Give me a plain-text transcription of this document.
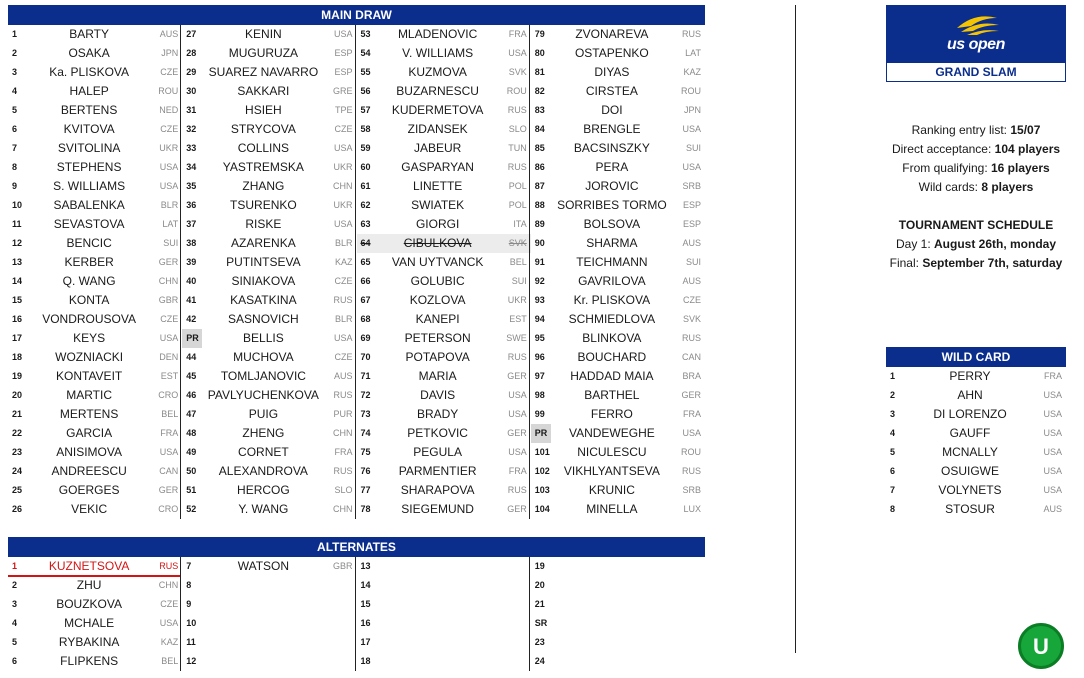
MAIN DRAW
1	BARTY	AUS
2	OSAKA	JPN
3	Ka. PLISKOVA	CZE
4	HALEP	ROU
5	BERTENS	NED
6	KVITOVA	CZE
7	SVITOLINA	UKR
8	STEPHENS	USA
9	S. WILLIAMS	USA
10	SABALENKA	BLR
11	SEVASTOVA	LAT
12	BENCIC	SUI
13	KERBER	GER
14	Q. WANG	CHN
15	KONTA	GBR
16	VONDROUSOVA	CZE
17	KEYS	USA
18	WOZNIACKI	DEN
19	KONTAVEIT	EST
20	MARTIC	CRO
21	MERTENS	BEL
22	GARCIA	FRA
23	ANISIMOVA	USA
24	ANDREESCU	CAN
25	GOERGES	GER
26	VEKIC	CRO
27	KENIN	USA
28	MUGURUZA	ESP
29	SUAREZ NAVARRO	ESP
30	SAKKARI	GRE
31	HSIEH	TPE
32	STRYCOVA	CZE
33	COLLINS	USA
34	YASTREMSKA	UKR
35	ZHANG	CHN
36	TSURENKO	UKR
37	RISKE	USA
38	AZARENKA	BLR
39	PUTINTSEVA	KAZ
40	SINIAKOVA	CZE
41	KASATKINA	RUS
42	SASNOVICH	BLR
PR	BELLIS	USA
44	MUCHOVA	CZE
45	TOMLJANOVIC	AUS
46 PAVLYUCHENKOVA	RUS
47	PUIG	PUR
48	ZHENG	CHN
49	CORNET	FRA
50	ALEXANDROVA	RUS
51	HERCOG	SLO
52	Y. WANG	CHN
53	MLADENOVIC	FRA
54	V. WILLIAMS	USA
55	KUZMOVA	SVK
56	BUZARNESCU	ROU
57	KUDERMETOVA	RUS
58	ZIDANSEK	SLO
59	JABEUR	TUN
60	GASPARYAN	RUS
61	LINETTE	POL
62	SWIATEK	POL
63	GIORGI	ITA
64	CIBULKOVA	SVK
65	VAN UYTVANCK	BEL
66	GOLUBIC	SUI
67	KOZLOVA	UKR
68	KANEPI	EST
69	PETERSON	SWE
70	POTAPOVA	RUS
71	MARIA	GER
72	DAVIS	USA
73	BRADY	USA
74	PETKOVIC	GER
75	PEGULA	USA
76	PARMENTIER	FRA
77	SHARAPOVA	RUS
78	SIEGEMUND	GER
79	ZVONAREVA	RUS
80	OSTAPENKO	LAT
81	DIYAS	KAZ
82	CIRSTEA	ROU
83	DOI	JPN
84	BRENGLE	USA
85	BACSINSZKY	SUI
86	PERA	USA
87	JOROVIC	SRB
88	SORRIBES TORMO	ESP
89	BOLSOVA	ESP
90	SHARMA	AUS
91	TEICHMANN	SUI
92	GAVRILOVA	AUS
93	Kr. PLISKOVA	CZE
94	SCHMIEDLOVA	SVK
95	BLINKOVA	RUS
96	BOUCHARD	CAN
97	HADDAD MAIA	BRA
98	BARTHEL	GER
99	FERRO	FRA
PR	VANDEWEGHE	USA
101	NICULESCU	ROU
102	VIKHLYANTSEVA	RUS
103	KRUNIC	SRB
104	MINELLA	LUX
ALTERNATES
1	KUZNETSOVA	RUS
2	ZHU	CHN
3	BOUZKOVA	CZE
4	MCHALE	USA
5	RYBAKINA	KAZ
6	FLIPKENS	BEL
7	WATSON	GBR
8
9
10
11
12
13
14
15
16
17
18
19
20
21
SR
23
24
us open
GRAND SLAM
Ranking entry list: 15/07
Direct acceptance: 104 players
From qualifying: 16 players
Wild cards: 8 players
TOURNAMENT SCHEDULE
Day 1: August 26th, monday
Final: September 7th, saturday
WILD CARD
1	PERRY	FRA
2	AHN	USA
3	DI LORENZO	USA
4	GAUFF	USA
5	MCNALLY	USA
6	OSUIGWE	USA
7	VOLYNETS	USA
8	STOSUR	AUS
U
